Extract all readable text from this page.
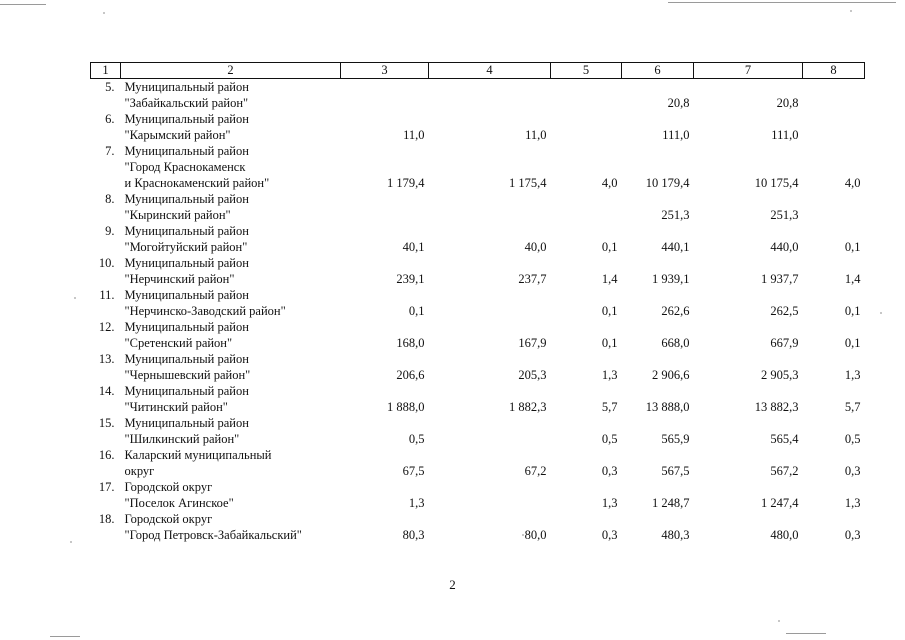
1	2	3	4	5	6	7	8
5.	Муниципальный район
"Забайкальский район"				20,8	20,8	
6.	Муниципальный район
"Карымский район"	11,0	11,0		111,0	111,0	
7.	Муниципальный район
"Город Краснокаменск
и Краснокаменский район"	1 179,4	1 175,4	4,0	10 179,4	10 175,4	4,0
8.	Муниципальный район
"Кыринский район"				251,3	251,3	
9.	Муниципальный район
"Могойтуйский район"	40,1	40,0	0,1	440,1	440,0	0,1
10.	Муниципальный район
"Нерчинский район"	239,1	237,7	1,4	1 939,1	1 937,7	1,4
11.	Муниципальный район
"Нерчинско-Заводский район"	0,1		0,1	262,6	262,5	0,1
12.	Муниципальный район
"Сретенский район"	168,0	167,9	0,1	668,0	667,9	0,1
13.	Муниципальный район
"Чернышевский район"	206,6	205,3	1,3	2 906,6	2 905,3	1,3
14.	Муниципальный район
"Читинский район"	1 888,0	1 882,3	5,7	13 888,0	13 882,3	5,7
15.	Муниципальный район
"Шилкинский район"	0,5		0,5	565,9	565,4	0,5
16.	Каларский муниципальный
округ	67,5	67,2	0,3	567,5	567,2	0,3
17.	Городской округ
"Поселок Агинское"	1,3		1,3	1 248,7	1 247,4	1,3
18.	Городской округ
"Город Петровск-Забайкальский"	80,3	80,0	0,3	480,3	480,0	0,3
2
